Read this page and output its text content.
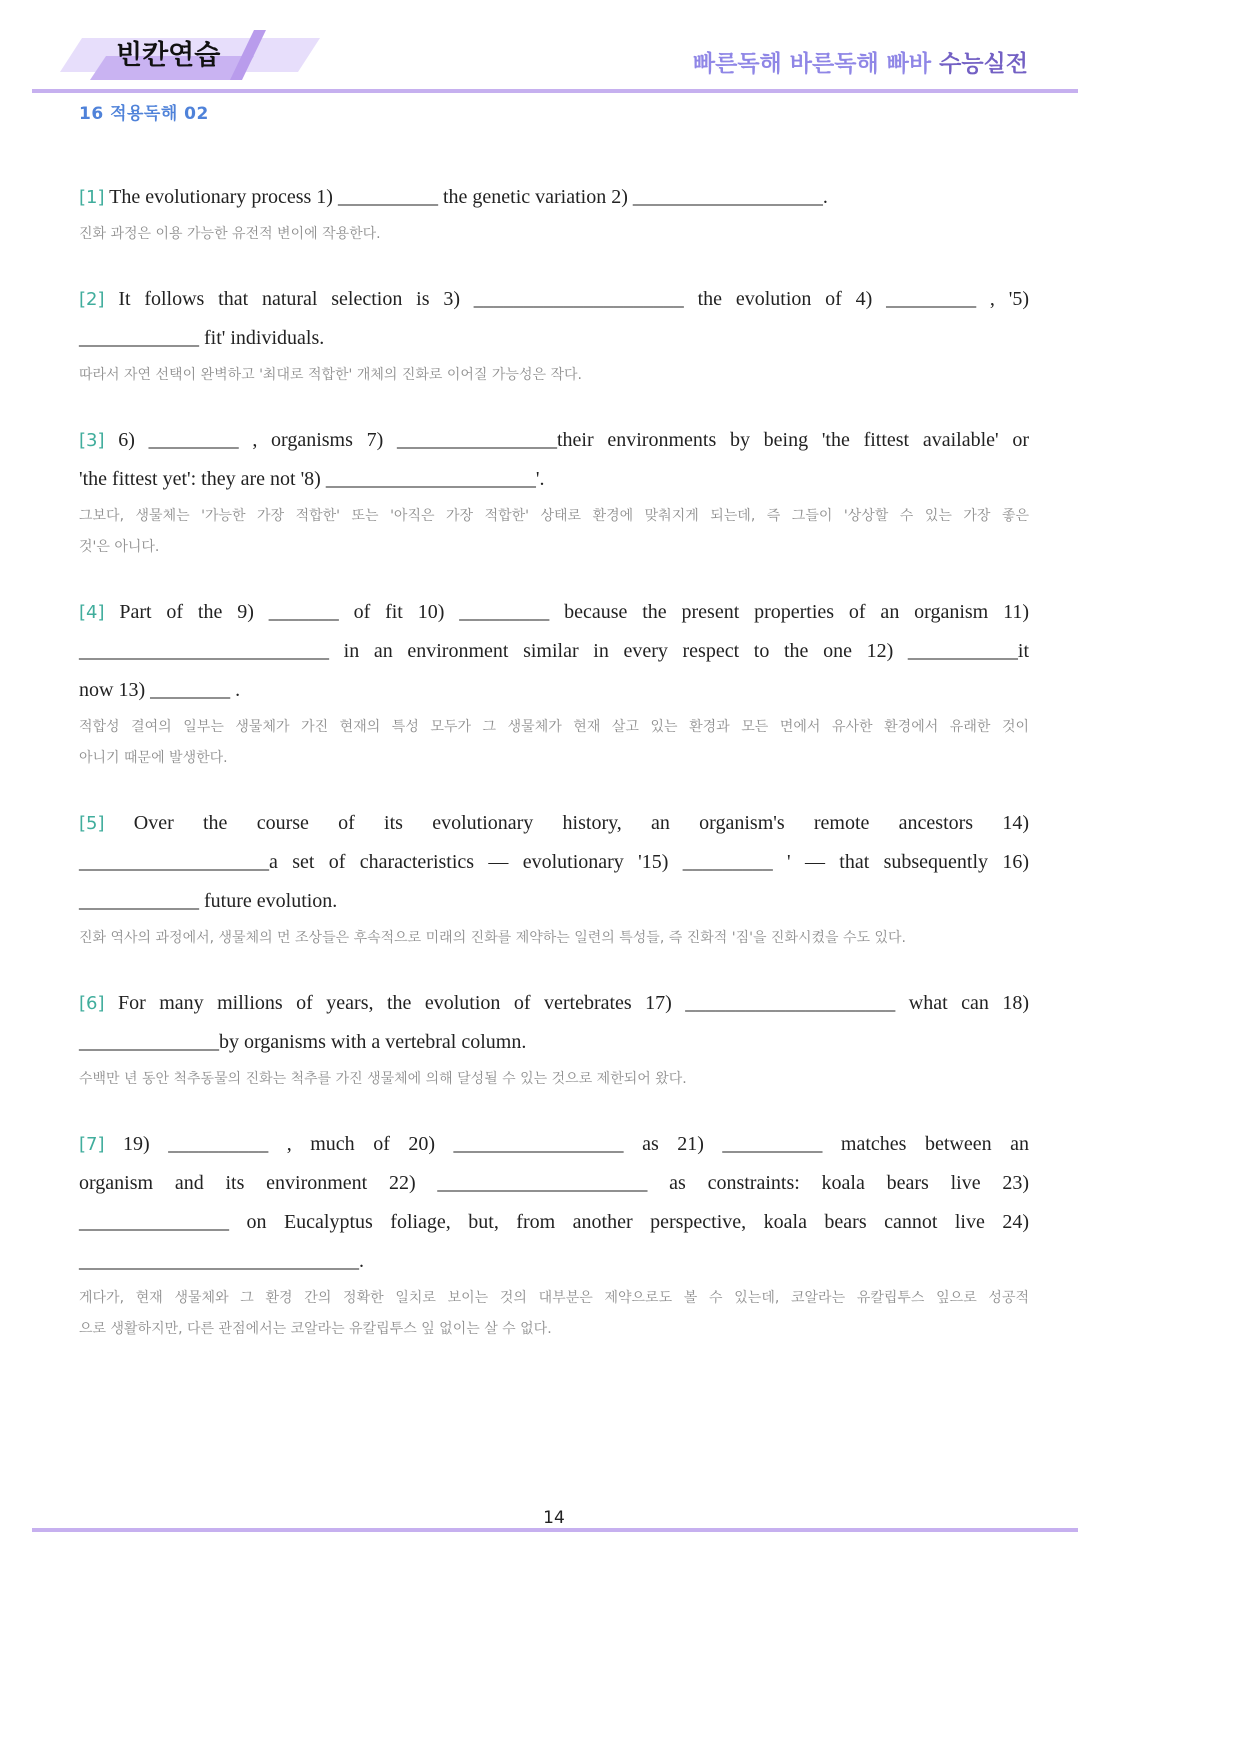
빈칸연습	빠른독해 바른독해 빠바 수능실전
16 적용독해 02
[1] The evolutionary process 1) __________ the genetic variation 2) ___________________.
진화 과정은 이용 가능한 유전적 변이에 작용한다.
[2] It follows that natural selection is 3) _____________________ the evolution of 4) _________ , '5)
____________ fit' individuals.
따라서 자연 선택이 완벽하고 '최대로 적합한' 개체의 진화로 이어질 가능성은 작다.
[3] 6) _________ , organisms 7) ________________their environments by being 'the fittest available' or
'the fittest yet': they are not '8) _____________________'.
그보다, 생물체는 '가능한 가장 적합한' 또는 '아직은 가장 적합한' 상태로 환경에 맞춰지게 되는데, 즉 그들이 '상상할 수 있는 가장 좋은
것'은 아니다.
[4] Part of the 9) _______ of fit 10) _________ because the present properties of an organism 11)
_________________________ in an environment similar in every respect to the one 12) ___________it
now 13) ________ .
적합성 결여의 일부는 생물체가 가진 현재의 특성 모두가 그 생물체가 현재 살고 있는 환경과 모든 면에서 유사한 환경에서 유래한 것이
아니기 때문에 발생한다.
[5] Over the course of its evolutionary history, an organism's remote ancestors 14)
___________________a set of characteristics — evolutionary '15) _________ ' — that subsequently 16)
____________ future evolution.
진화 역사의 과정에서, 생물체의 먼 조상들은 후속적으로 미래의 진화를 제약하는 일련의 특성들, 즉 진화적 '짐'을 진화시켰을 수도 있다.
[6] For many millions of years, the evolution of vertebrates 17) _____________________ what can 18)
______________by organisms with a vertebral column.
수백만 년 동안 척추동물의 진화는 척추를 가진 생물체에 의해 달성될 수 있는 것으로 제한되어 왔다.
[7] 19) __________ , much of 20) _________________ as 21) __________ matches between an
organism and its environment 22) _____________________ as constraints: koala bears live 23)
_______________ on Eucalyptus foliage, but, from another perspective, koala bears cannot live 24)
____________________________.
게다가, 현재 생물체와 그 환경 간의 정확한 일치로 보이는 것의 대부분은 제약으로도 볼 수 있는데, 코알라는 유칼립투스 잎으로 성공적
으로 생활하지만, 다른 관점에서는 코알라는 유칼립투스 잎 없이는 살 수 없다.
14
